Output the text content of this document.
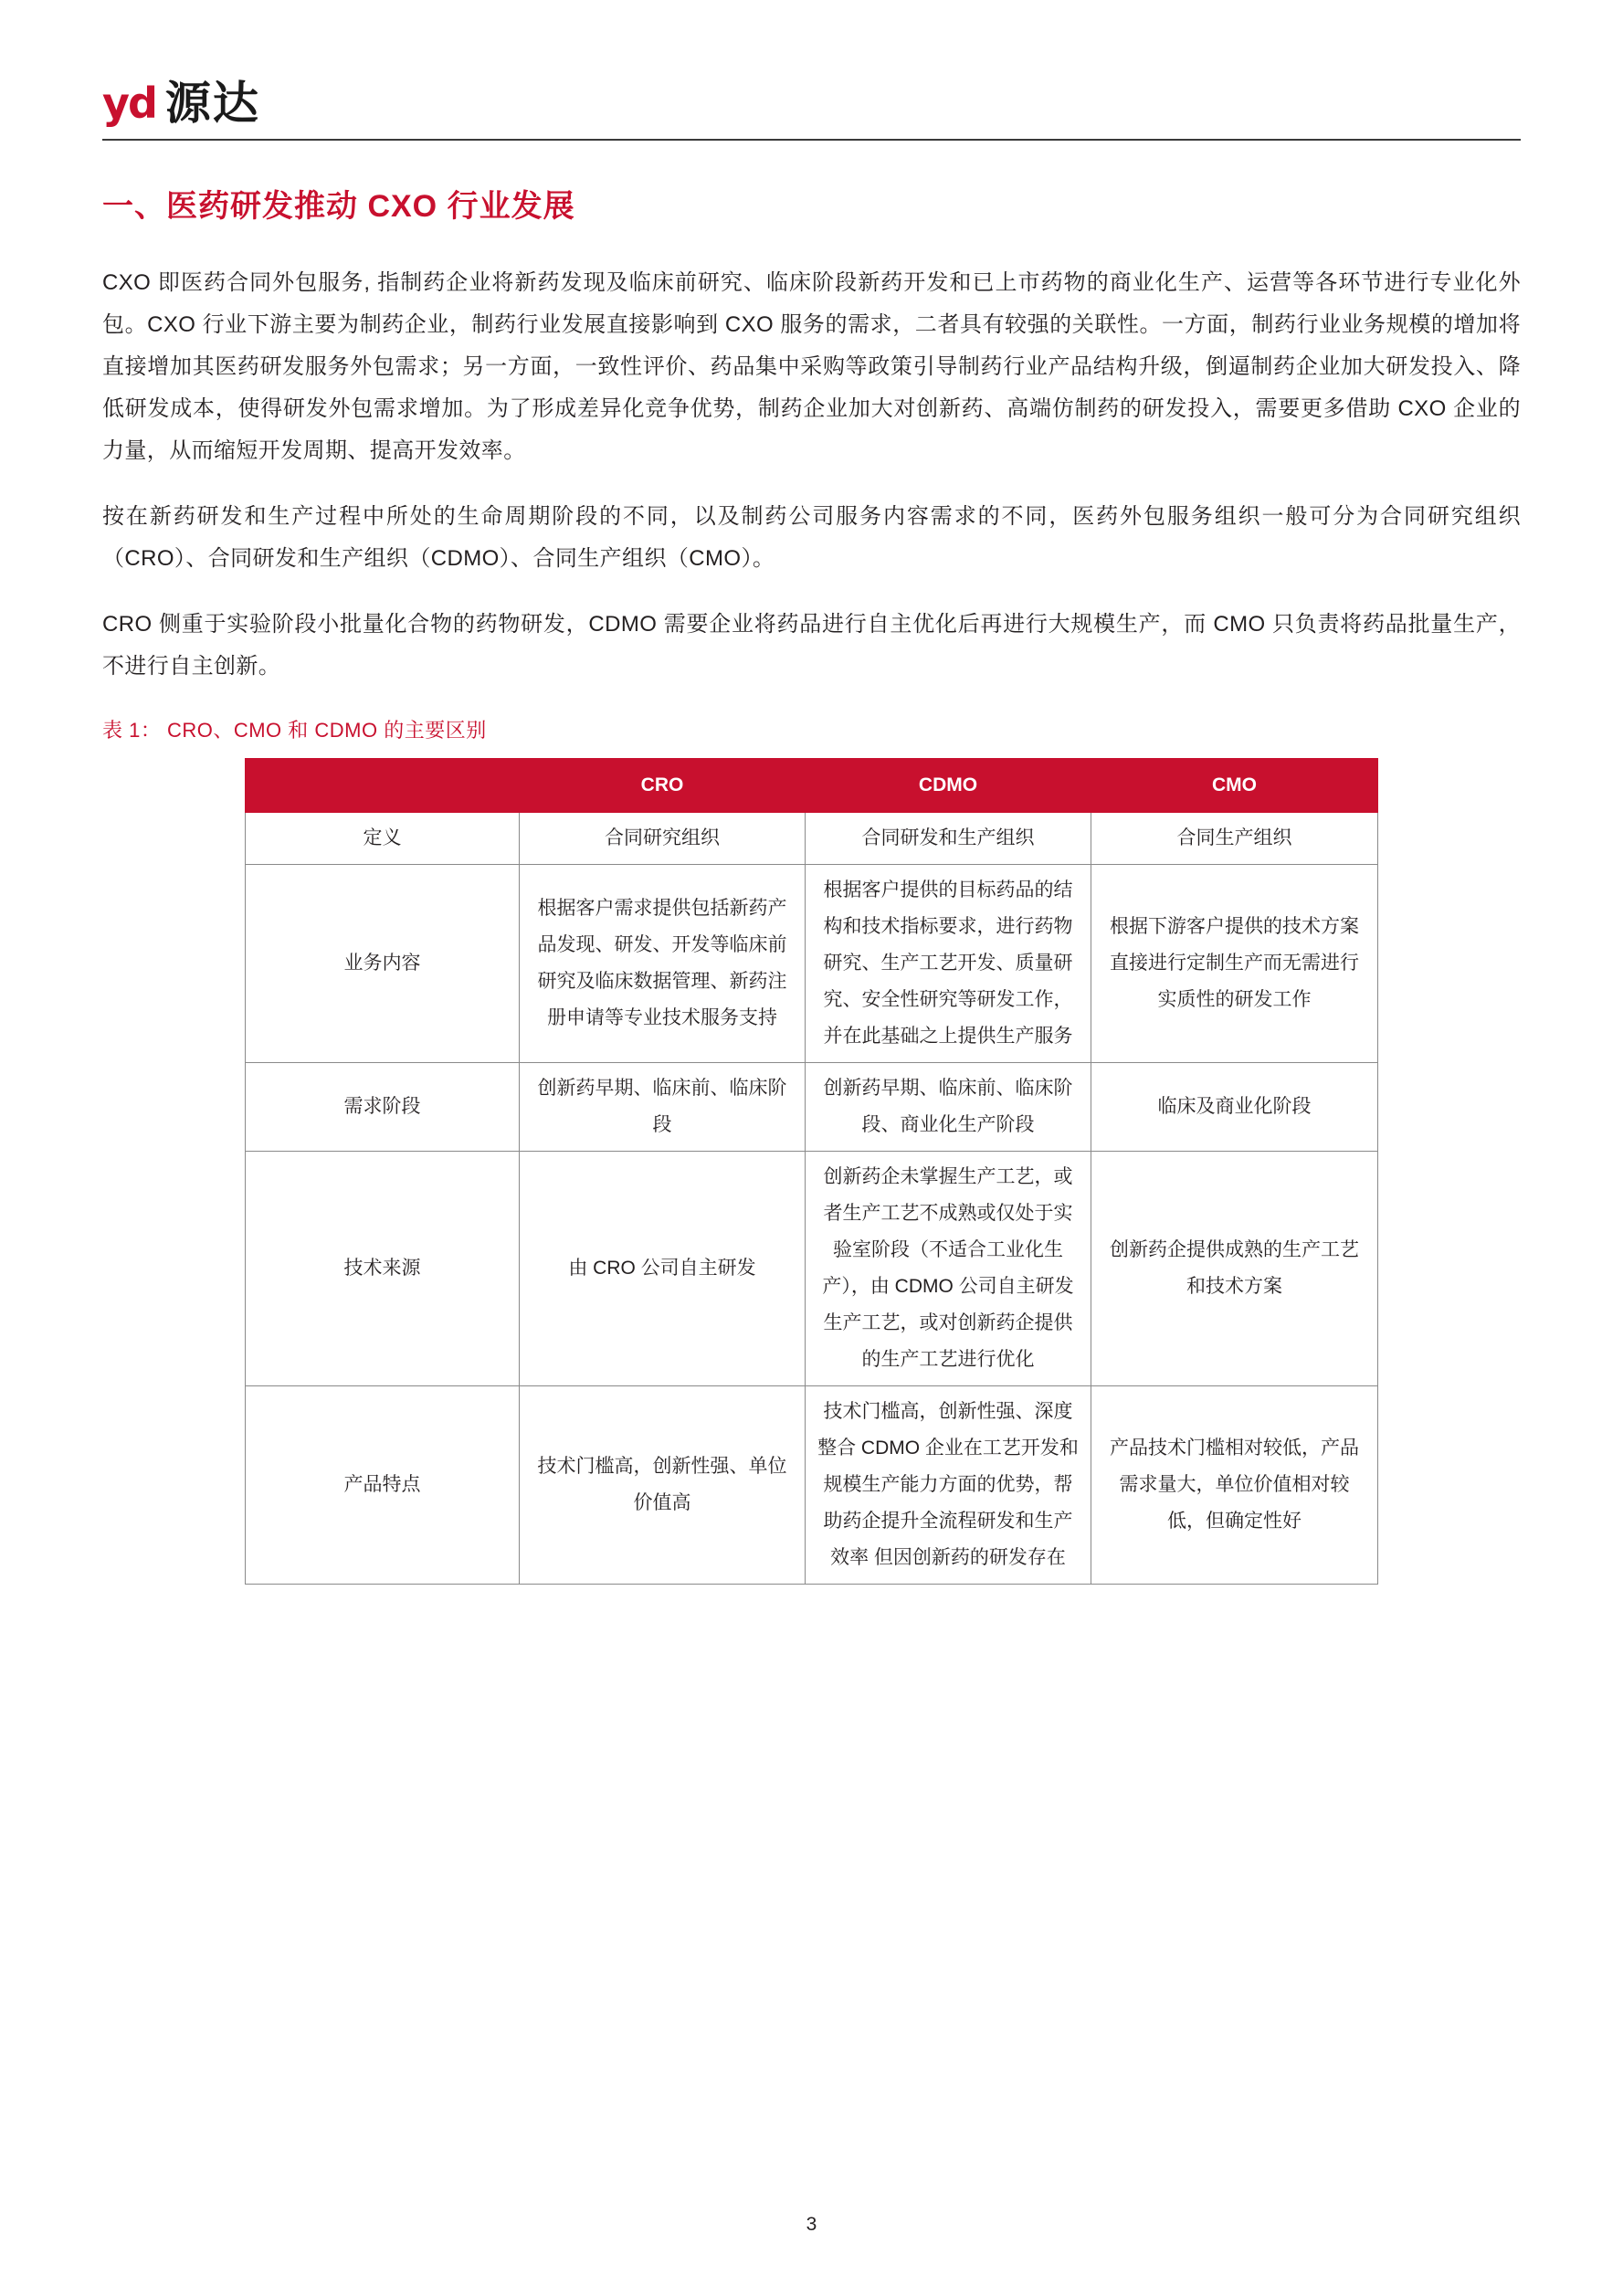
yd 源达
一、医药研发推动 CXO 行业发展

CXO 即医药合同外包服务, 指制药企业将新药发现及临床前研究、临床阶段新药开发和已上市药物的商业化生产、运营等各环节进行专业化外包。CXO 行业下游主要为制药企业，制药行业发展直接影响到 CXO 服务的需求，二者具有较强的关联性。一方面，制药行业业务规模的增加将直接增加其医药研发服务外包需求；另一方面，一致性评价、药品集中采购等政策引导制药行业产品结构升级，倒逼制药企业加大研发投入、降低研发成本，使得研发外包需求增加。为了形成差异化竞争优势，制药企业加大对创新药、高端仿制药的研发投入，需要更多借助 CXO 企业的力量，从而缩短开发周期、提高开发效率。

按在新药研发和生产过程中所处的生命周期阶段的不同，以及制药公司服务内容需求的不同，医药外包服务组织一般可分为合同研究组织（CRO）、合同研发和生产组织（CDMO）、合同生产组织（CMO）。

CRO 侧重于实验阶段小批量化合物的药物研发，CDMO 需要企业将药品进行自主优化后再进行大规模生产，而 CMO 只负责将药品批量生产，不进行自主创新。

表 1： CRO、CMO 和 CDMO 的主要区别
	CRO	CDMO	CMO
定义	合同研究组织	合同研发和生产组织	合同生产组织
业务内容	根据客户需求提供包括新药产品发现、研发、开发等临床前研究及临床数据管理、新药注册申请等专业技术服务支持	根据客户提供的目标药品的结构和技术指标要求，进行药物研究、生产工艺开发、质量研究、安全性研究等研发工作，并在此基础之上提供生产服务	根据下游客户提供的技术方案直接进行定制生产而无需进行实质性的研发工作
需求阶段	创新药早期、临床前、临床阶段	创新药早期、临床前、临床阶段、商业化生产阶段	临床及商业化阶段
技术来源	由 CRO 公司自主研发	创新药企未掌握生产工艺，或者生产工艺不成熟或仅处于实验室阶段（不适合工业化生产），由 CDMO 公司自主研发生产工艺，或对创新药企提供的生产工艺进行优化	创新药企提供成熟的生产工艺和技术方案
产品特点	技术门槛高，创新性强、单位价值高	技术门槛高，创新性强、深度整合 CDMO 企业在工艺开发和规模生产能力方面的优势，帮助药企提升全流程研发和生产效率 但因创新药的研发存在	产品技术门槛相对较低，产品需求量大，单位价值相对较低，但确定性好
3
